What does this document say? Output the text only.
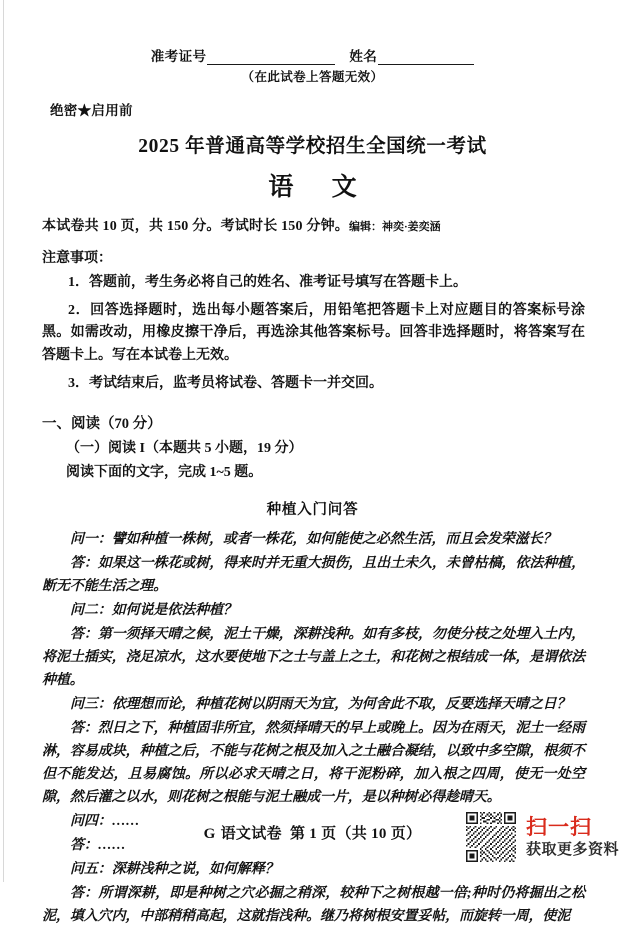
准考证号	姓名
（在此试卷上答题无效）
绝密★启用前
2025 年普通高等学校招生全国统一考试
语 文
本试卷共 10 页，共 150 分。考试时长 150 分钟。编辑：神奕·姜奕涵
注意事项：
1．答题前，考生务必将自己的姓名、准考证号填写在答题卡上。
2．回答选择题时，选出每小题答案后，用铅笔把答题卡上对应题目的答案标号涂黑。如需改动，用橡皮擦干净后，再选涂其他答案标号。回答非选择题时，将答案写在答题卡上。写在本试卷上无效。
3．考试结束后，监考员将试卷、答题卡一并交回。
一、阅读（70 分）
（一）阅读 I（本题共 5 小题，19 分）
阅读下面的文字，完成 1~5 题。
种植入门问答

问一：譬如种植一株树，或者一株花，如何能使之必然生活，而且会发荣滋长？

答：如果这一株花或树，得来时并无重大损伤，且出土未久，未曾枯槁，依法种植，断无不能生活之理。

问二：如何说是依法种植？

答：第一须择天晴之候，泥土干燥，深耕浅种。如有多枝，勿使分枝之处埋入土内，将泥土插实，浇足凉水，这水要使地下之士与盖上之土，和花树之根结成一体，是谓依法种植。

问三：依理想而论，种植花树以阴雨天为宜，为何舍此不取，反要选择天晴之日？

答：烈日之下，种植固非所宜，然须择晴天的早上或晚上。因为在雨天，泥土一经雨淋，容易成块，种植之后，不能与花树之根及加入之土融合凝结，以致中多空隙，根须不但不能发达，且易腐蚀。所以必求天晴之日，将干泥粉碎，加入根之四周，使无一处空隙，然后灌之以水，则花树之根能与泥土融成一片，是以种树必得趁晴天。

问四：……

答：……

问五：深耕浅种之说，如何解释？

答：所谓深耕，即是种树之穴必掘之稍深，较种下之树根越一倍;种时仍将掘出之松泥，填入穴内，中部稍稍高起，这就指浅种。继乃将树根安置妥帖，而旋转一周，使泥

G 语文试卷 第 1 页（共 10 页）	扫一扫
获取更多资料
